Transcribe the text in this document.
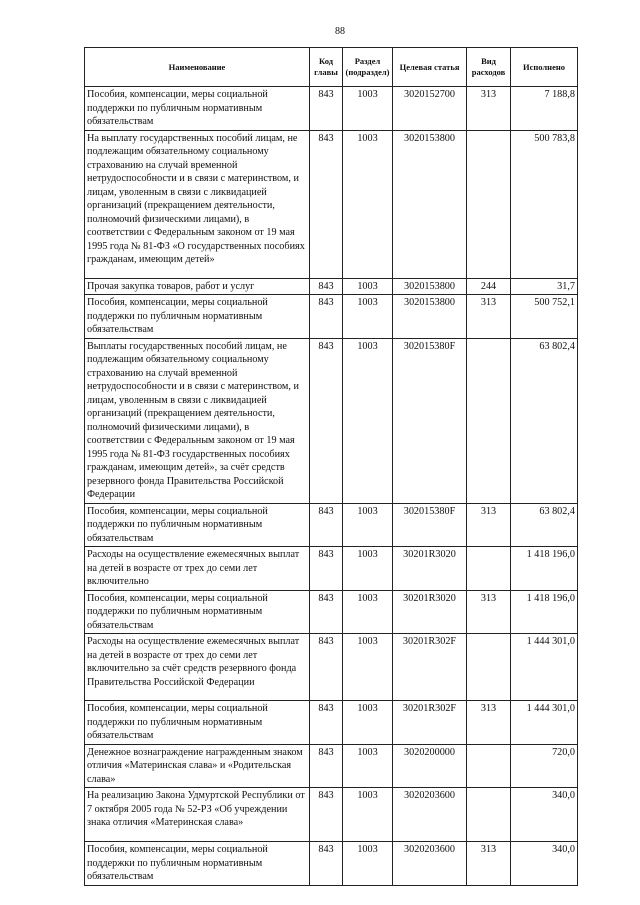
88
Наименование	Код главы	Раздел (подраздел)	Целевая статья	Вид расходов	Исполнено
Пособия, компенсации, меры социальной поддержки по публичным нормативным обязательствам	843	1003	3020152700	313	7 188,8
На выплату государственных пособий лицам, не подлежащим обязательному социальному страхованию на случай временной нетрудоспособности и в связи с материнством, и лицам, уволенным в связи с ликвидацией организаций (прекращением деятельности, полномочий физическими лицами), в соответствии с Федеральным законом от 19 мая 1995 года № 81-ФЗ «О государственных пособиях гражданам, имеющим детей»	843	1003	3020153800		500 783,8
Прочая закупка товаров, работ и услуг	843	1003	3020153800	244	31,7
Пособия, компенсации, меры социальной поддержки по публичным нормативным обязательствам	843	1003	3020153800	313	500 752,1
Выплаты государственных пособий лицам, не подлежащим обязательному социальному страхованию на случай временной нетрудоспособности и в связи с материнством, и лицам, уволенным в связи с ликвидацией организаций (прекращением деятельности, полномочий физическими лицами), в соответствии с Федеральным законом от 19 мая 1995 года № 81-ФЗ государственных пособиях гражданам, имеющим детей», за счёт средств резервного фонда Правительства Российской Федерации	843	1003	302015380F		63 802,4
Пособия, компенсации, меры социальной поддержки по публичным нормативным обязательствам	843	1003	302015380F	313	63 802,4
Расходы на осуществление ежемесячных выплат на детей в возрасте от трех до семи лет включительно	843	1003	30201R3020		1 418 196,0
Пособия, компенсации, меры социальной поддержки по публичным нормативным обязательствам	843	1003	30201R3020	313	1 418 196,0
Расходы на осуществление ежемесячных выплат на детей в возрасте от трех до семи лет включительно за счёт средств резервного фонда Правительства Российской Федерации	843	1003	30201R302F		1 444 301,0
Пособия, компенсации, меры социальной поддержки по публичным нормативным обязательствам	843	1003	30201R302F	313	1 444 301,0
Денежное вознаграждение награжденным знаком отличия «Материнская слава» и «Родительская слава»	843	1003	3020200000		720,0
На реализацию Закона Удмуртской Республики от 7 октября 2005 года № 52-РЗ «Об учреждении знака отличия «Материнская слава»	843	1003	3020203600		340,0
Пособия, компенсации, меры социальной поддержки по публичным нормативным обязательствам	843	1003	3020203600	313	340,0
